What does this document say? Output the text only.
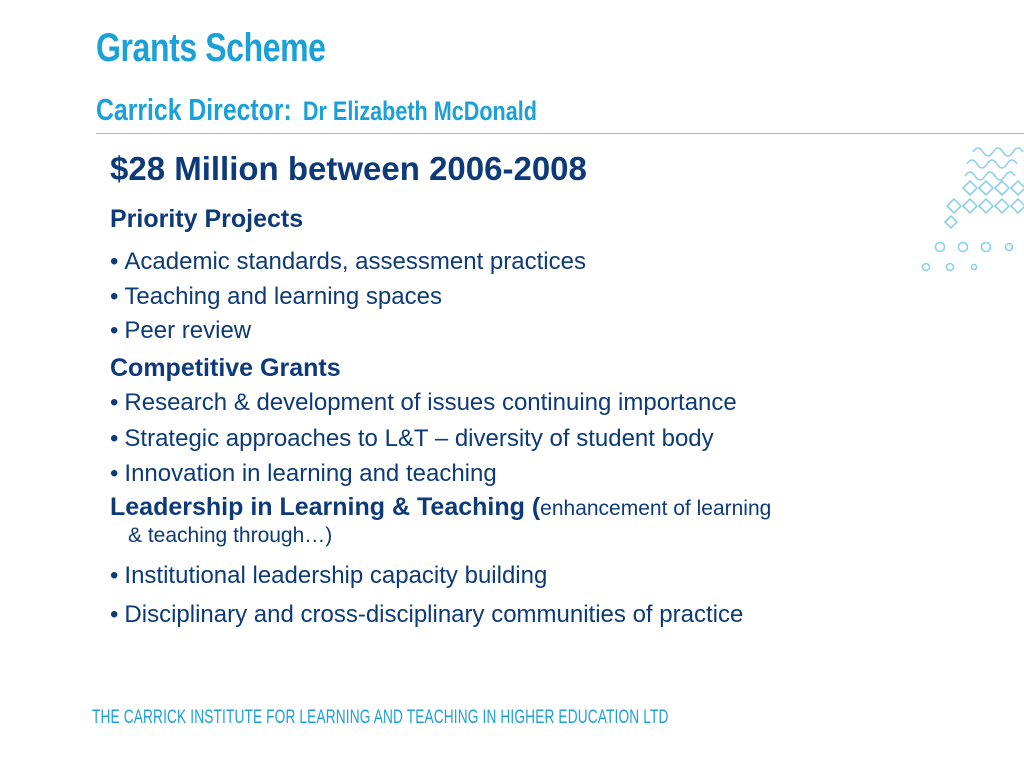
Grants Scheme
Carrick Director: Dr Elizabeth McDonald
$28 Million between 2006-2008
Priority Projects
• Academic standards, assessment practices
• Teaching and learning spaces
• Peer review
Competitive Grants
• Research & development of issues continuing importance
• Strategic approaches to L&T – diversity of student body
• Innovation in learning and teaching
Leadership in Learning & Teaching (enhancement of learning
& teaching through…)
• Institutional leadership capacity building
• Disciplinary and cross-disciplinary communities of practice
THE CARRICK INSTITUTE FOR LEARNING AND TEACHING IN HIGHER EDUCATION LTD
